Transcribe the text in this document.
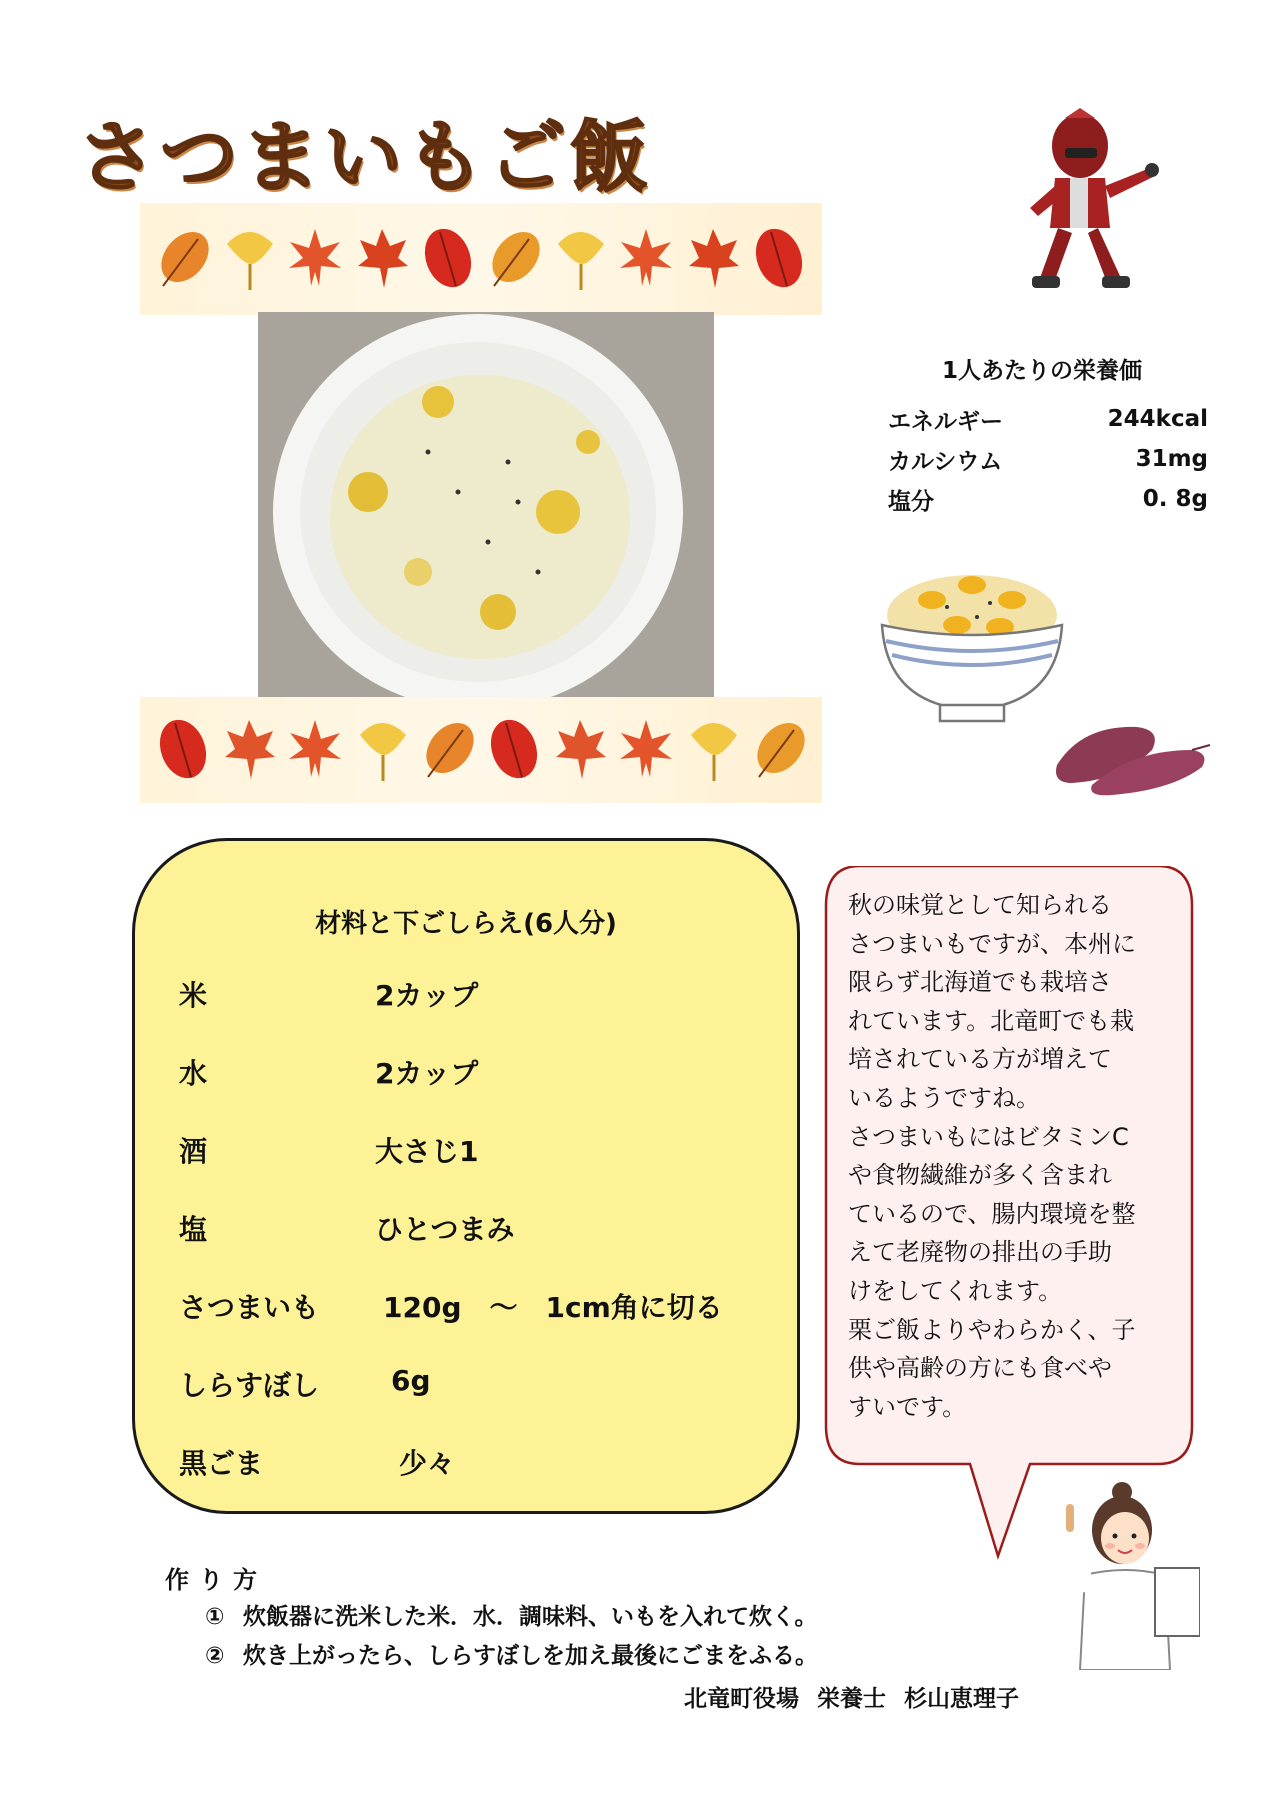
さつまいもご飯
1人あたりの栄養価
エネルギー	244kcal
カルシウム	31mg
塩分	0. 8g
材料と下ごしらえ(6人分)
米	2カップ
水	2カップ
酒	大さじ1
塩	ひとつまみ
さつまいも 120g　～　1cm角に切る
しらすぼし	6g
黒ごま	少々
秋の味覚として知られる
さつまいもですが、本州に
限らず北海道でも栽培さ
れています。北竜町でも栽
培されている方が増えて
いるようですね。
さつまいもにはビタミンC
や食物繊維が多く含まれ
ているので、腸内環境を整
えて老廃物の排出の手助
けをしてくれます。
栗ご飯よりやわらかく、子
供や高齢の方にも食べや
すいです。
作り方
① 炊飯器に洗米した米．水．調味料、いもを入れて炊く。
② 炊き上がったら、しらすぼしを加え最後にごまをふる。
北竜町役場 栄養士 杉山恵理子
